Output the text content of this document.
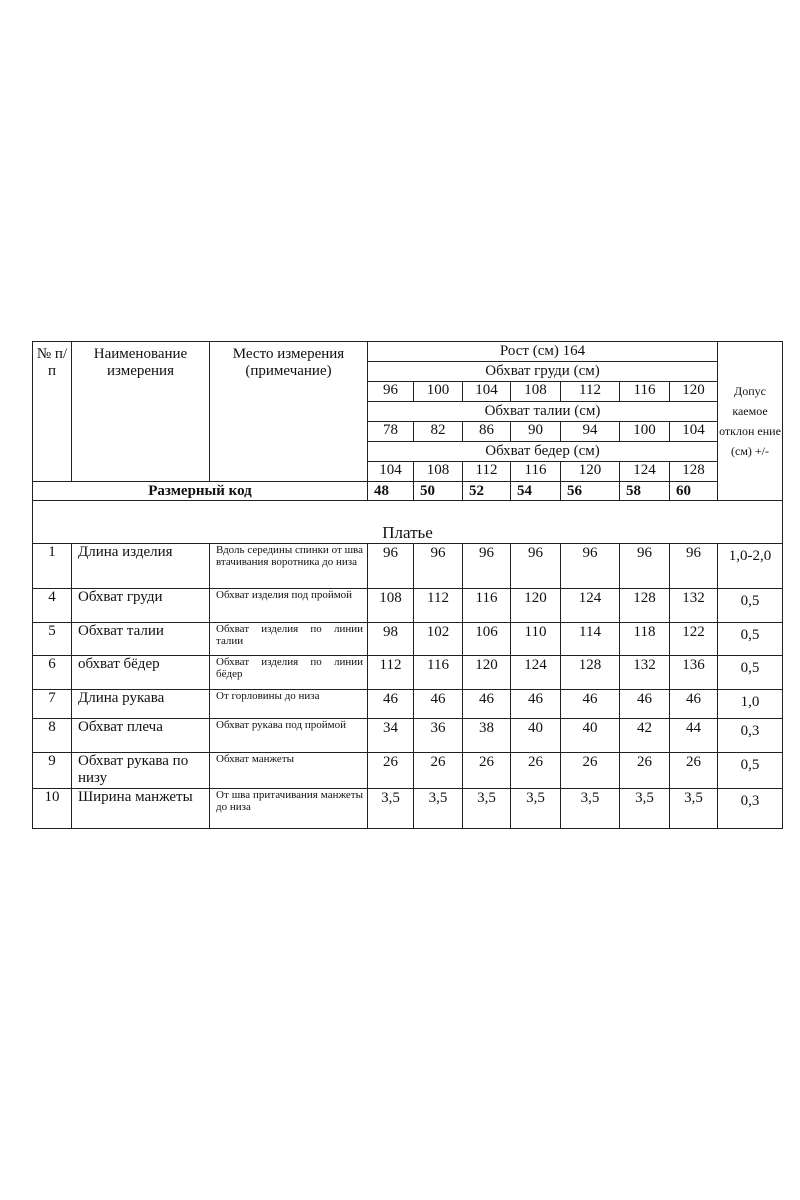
№ п/п	Наименование измерения	Место измерения (примечание)	Рост (см) 164							Допус каемое отклон ение (см) +/-
			Обхват груди (см)							
			96	100	104	108	112	116	120	
			Обхват талии (см)							
			78	82	86	90	94	100	104	
			Обхват бедер (см)							
			104	108	112	116	120	124	128	
Размерный код			48	50	52	54	56	58	60	
Платье										
1	Длина изделия	Вдоль середины спинки от шва втачивания воротника до низа	96	96	96	96	96	96	96	1,0-2,0
4	Обхват груди	Обхват изделия под проймой	108	112	116	120	124	128	132	0,5
5	Обхват талии	Обхват изделия по линии талии	98	102	106	110	114	118	122	0,5
6	обхват бёдер	Обхват изделия по линии бёдер	112	116	120	124	128	132	136	0,5
7	Длина рукава	От горловины до низа	46	46	46	46	46	46	46	1,0
8	Обхват плеча	Обхват рукава под проймой	34	36	38	40	40	42	44	0,3
9	Обхват рукава по низу	Обхват манжеты	26	26	26	26	26	26	26	0,5
10	Ширина манжеты	От шва притачивания манжеты до низа	3,5	3,5	3,5	3,5	3,5	3,5	3,5	0,3
